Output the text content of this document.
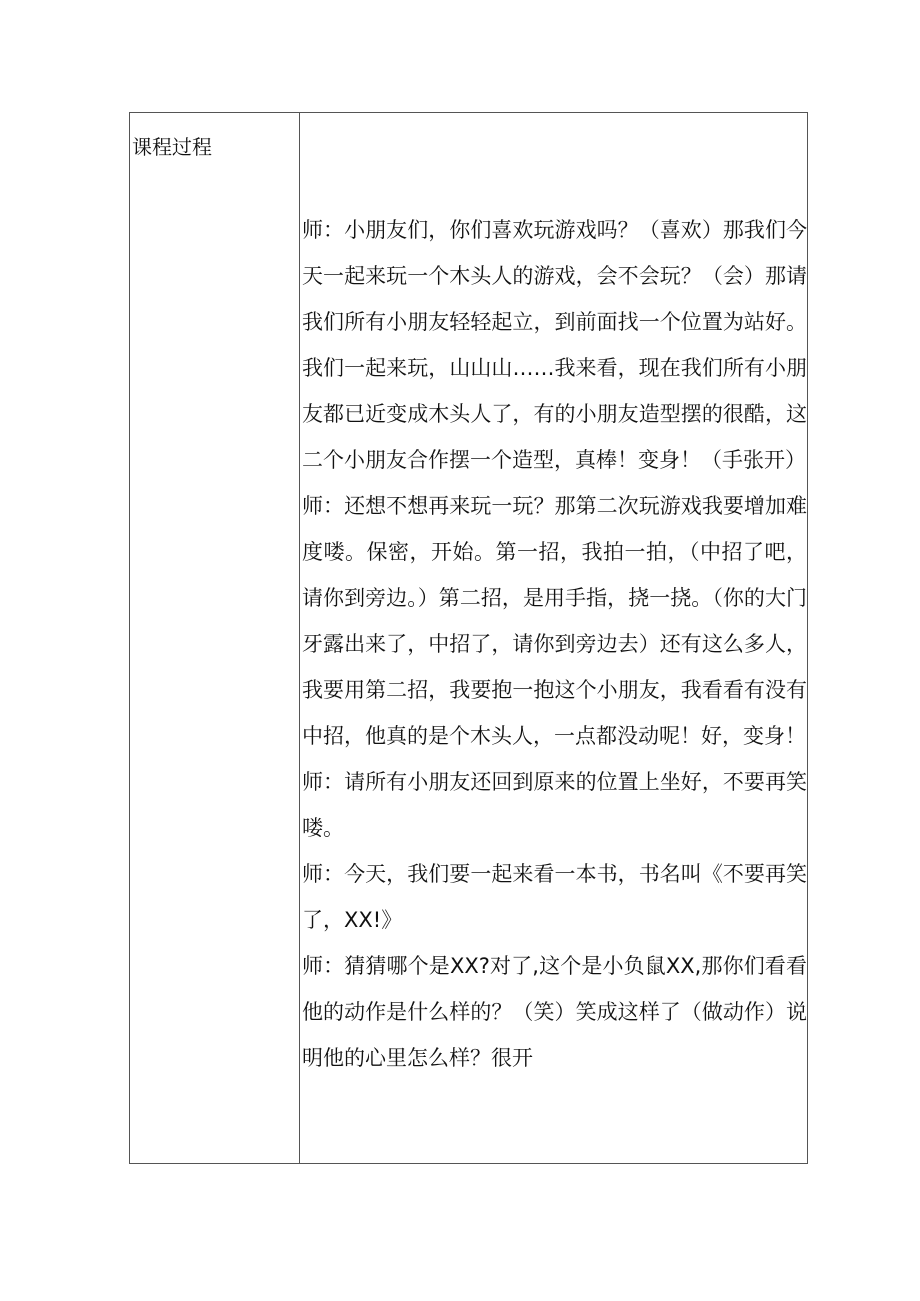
课程过程

师：小朋友们，你们喜欢玩游戏吗？（喜欢）那我们今天一起来玩一个木头人的游戏，会不会玩？（会）那请我们所有小朋友轻轻起立，到前面找一个位置为站好。我们一起来玩，山山山……我来看，现在我们所有小朋友都已近变成木头人了，有的小朋友造型摆的很酷，这二个小朋友合作摆一个造型，真棒！变身！（手张开）

师：还想不想再来玩一玩？那第二次玩游戏我要增加难度喽。保密，开始。第一招，我拍一拍，（中招了吧，请你到旁边。）第二招，是用手指，挠一挠。（你的大门牙露出来了，中招了，请你到旁边去）还有这么多人，我要用第二招，我要抱一抱这个小朋友，我看看有没有中招，他真的是个木头人，一点都没动呢！好，变身！

师：请所有小朋友还回到原来的位置上坐好，不要再笑喽。

师：今天，我们要一起来看一本书，书名叫《不要再笑了，XX!》

师：猜猜哪个是XX?对了,这个是小负鼠XX,那你们看看他的动作是什么样的？（笑）笑成这样了（做动作）说明他的心里怎么样？很开
